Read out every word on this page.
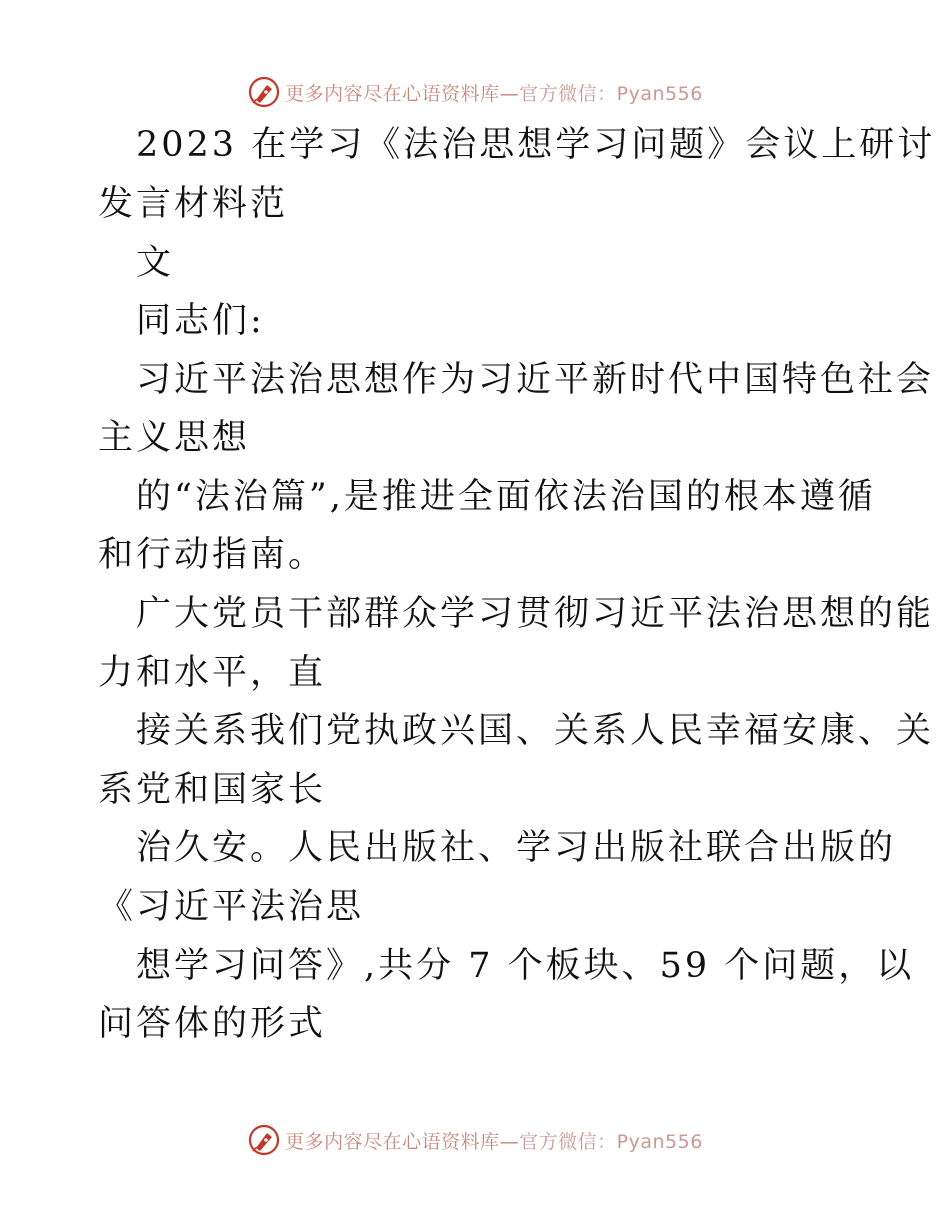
更多内容尽在心语资料库—官方微信：Pyan556
2023 在学习《法治思想学习问题》会议上研讨
发言材料范
文
同志们:
习近平法治思想作为习近平新时代中国特色社会
主义思想
的“法治篇”,是推进全面依法治国的根本遵循
和行动指南。
广大党员干部群众学习贯彻习近平法治思想的能
力和水平，直
接关系我们党执政兴国、关系人民幸福安康、关
系党和国家长
治久安。人民出版社、学习出版社联合出版的
《习近平法治思
想学习问答》,共分 7 个板块、59 个问题，以
问答体的形式
更多内容尽在心语资料库—官方微信：Pyan556
